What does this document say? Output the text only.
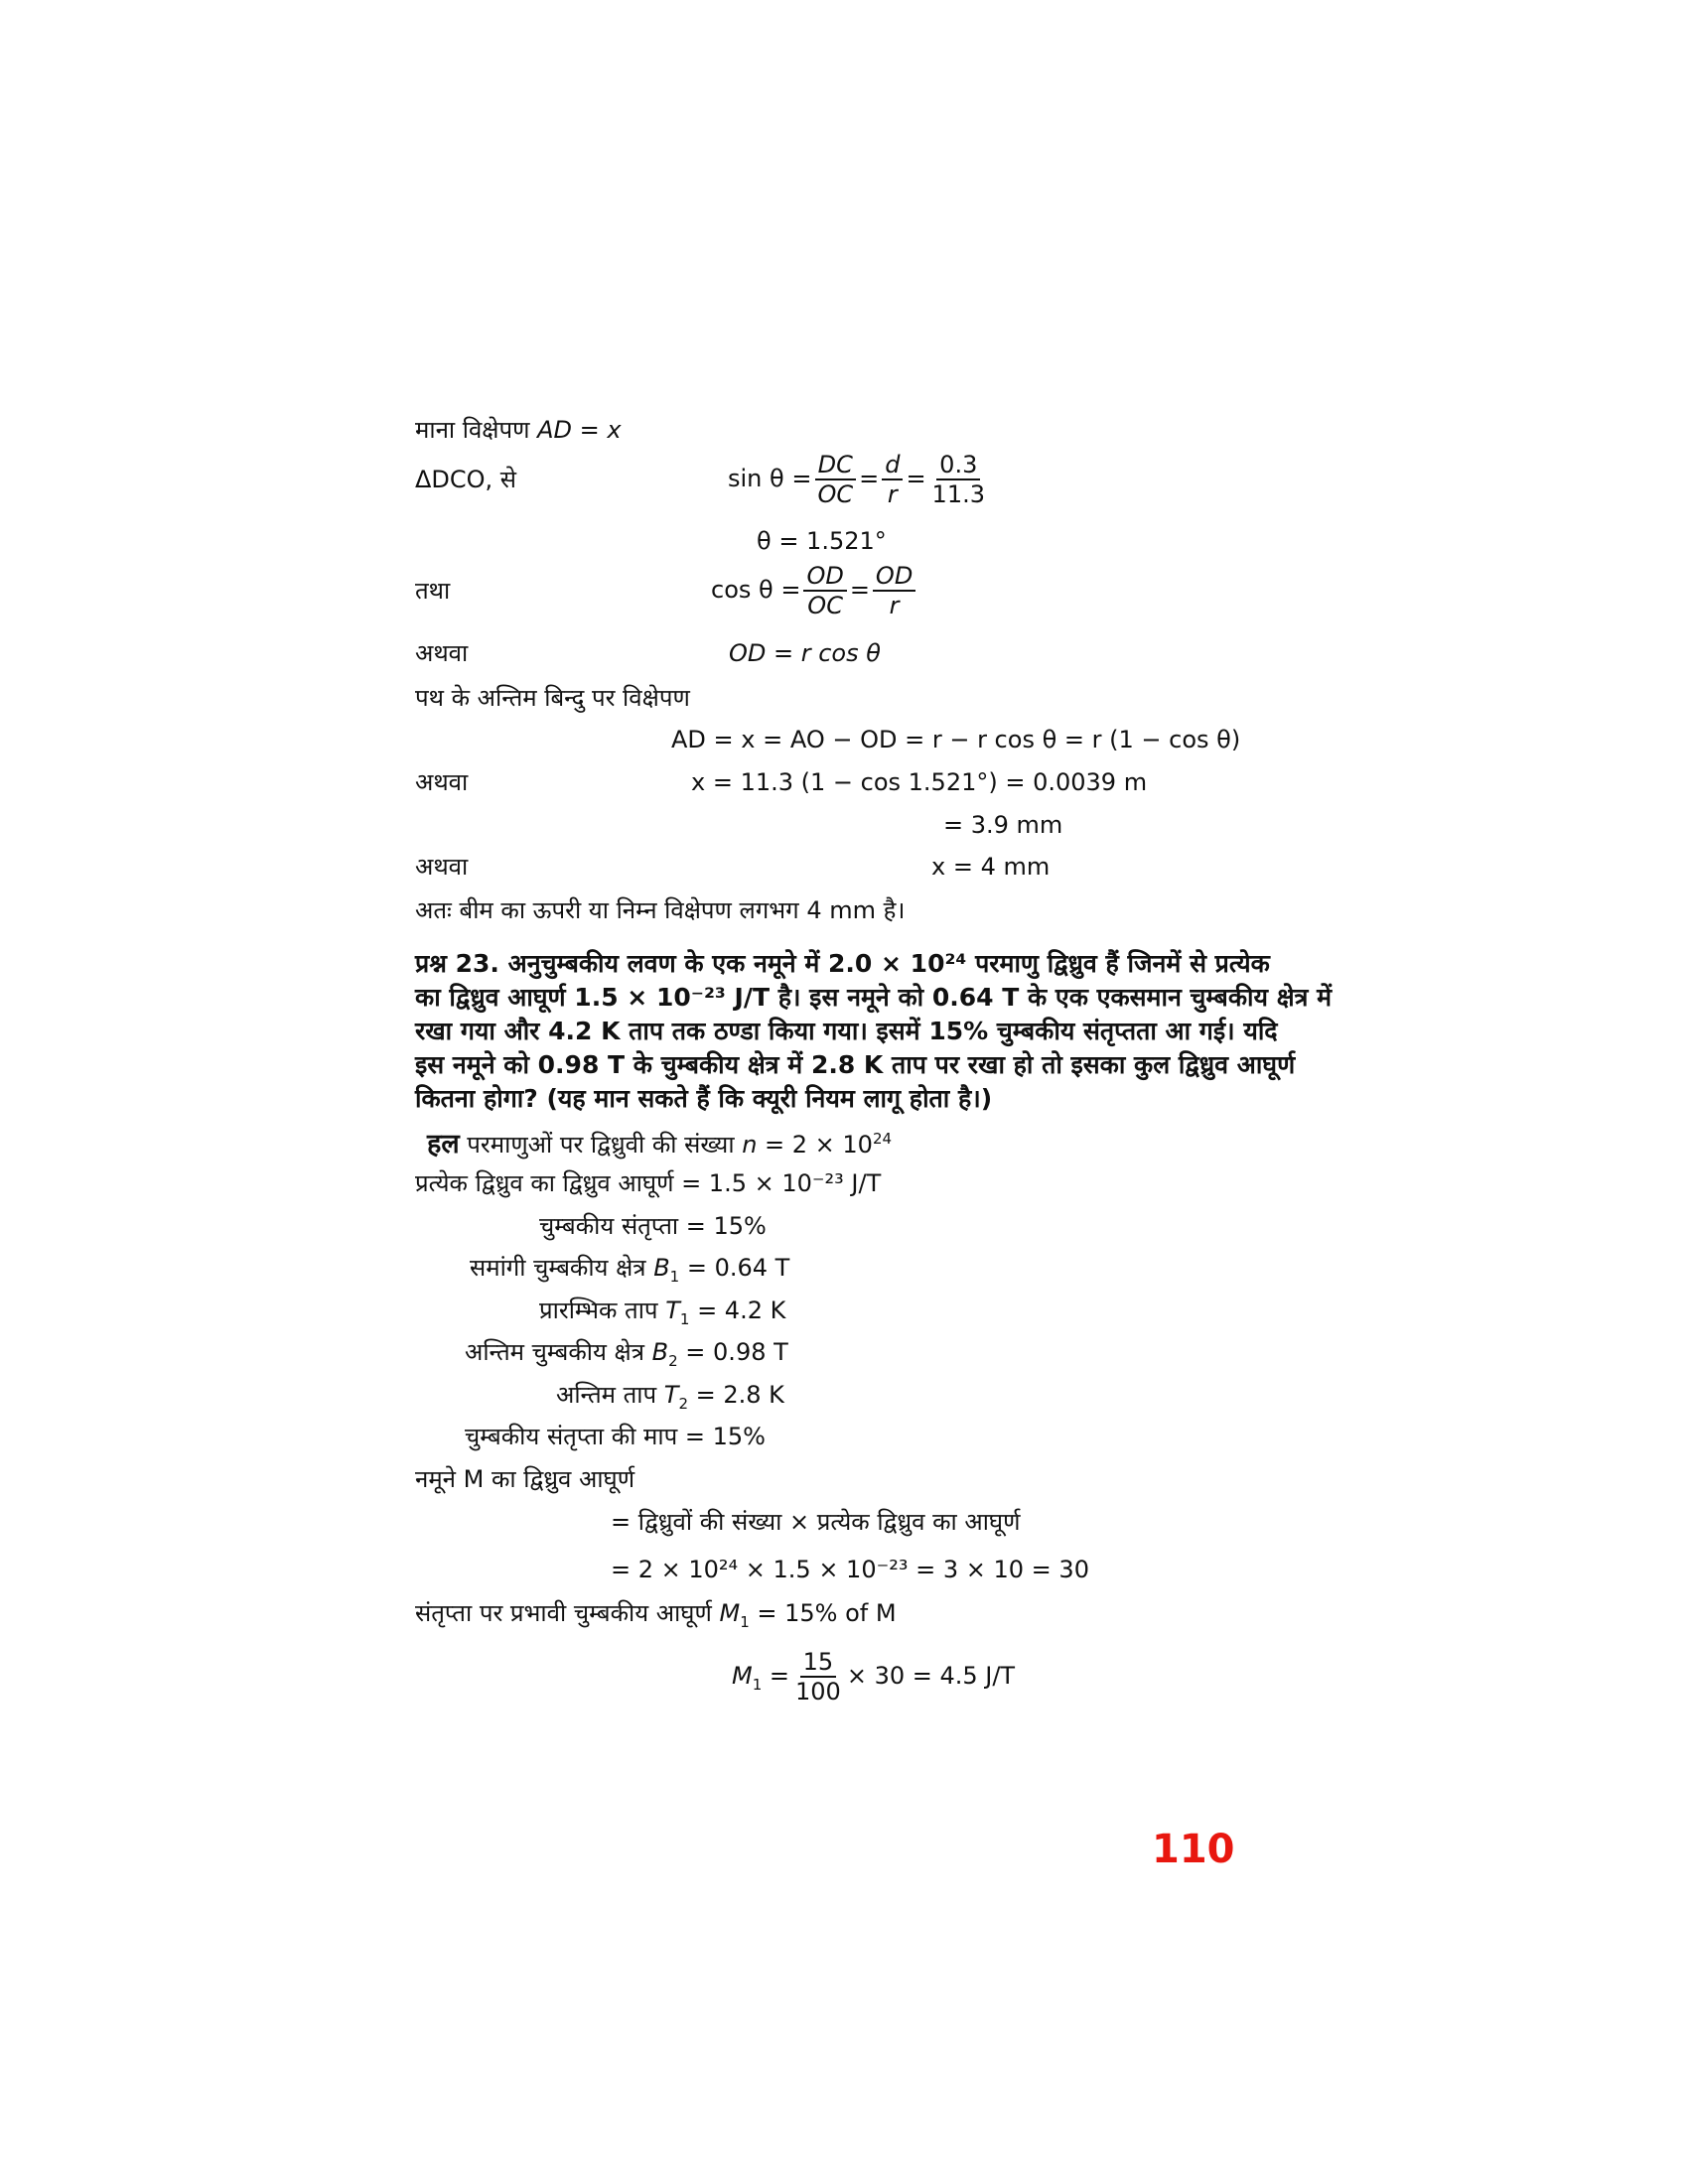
माना विक्षेपण AD = x
ΔDCO, से	$\sin \theta = \frac{DC}{OC} = \frac{d}{r} = \frac{0.3}{11.3}$
θ = 1.521°
तथा	$\cos \theta = \frac{OD}{OC} = \frac{OD}{r}$
अथवा	OD = r cos θ
पथ के अन्तिम बिन्दु पर विक्षेपण
AD = x = AO − OD = r − r cos θ = r (1 − cos θ)
अथवा	x = 11.3 (1 − cos 1.521°) = 0.0039 m
= 3.9 mm
अथवा	x = 4 mm
अतः बीम का ऊपरी या निम्न विक्षेपण लगभग 4 mm है।

प्रश्न 23. अनुचुम्बकीय लवण के एक नमूने में 2.0 × 10²⁴ परमाणु द्विध्रुव हैं जिनमें से प्रत्येक

का द्विध्रुव आघूर्ण 1.5 × 10⁻²³ J/T है। इस नमूने को 0.64 T के एक एकसमान चुम्बकीय क्षेत्र में

रखा गया और 4.2 K ताप तक ठण्डा किया गया। इसमें 15% चुम्बकीय संतृप्तता आ गई। यदि

इस नमूने को 0.98 T के चुम्बकीय क्षेत्र में 2.8 K ताप पर रखा हो तो इसका कुल द्विध्रुव आघूर्ण

कितना होगा? (यह मान सकते हैं कि क्यूरी नियम लागू होता है।)

हल परमाणुओं पर द्विध्रुवी की संख्या $n = 2 \times 10^{24}$
प्रत्येक द्विध्रुव का द्विध्रुव आघूर्ण = 1.5 × 10⁻²³ J/T
चुम्बकीय संतृप्ता = 15%
समांगी चुम्बकीय क्षेत्र $B_1 = 0.64$ T
प्रारम्भिक ताप $T_1 = 4.2$ K
अन्तिम चुम्बकीय क्षेत्र $B_2 = 0.98$ T
अन्तिम ताप $T_2 = 2.8$ K
चुम्बकीय संतृप्ता की माप = 15%
नमूने M का द्विध्रुव आघूर्ण
= द्विध्रुवों की संख्या × प्रत्येक द्विध्रुव का आघूर्ण
= 2 × 10²⁴ × 1.5 × 10⁻²³ = 3 × 10 = 30
संतृप्ता पर प्रभावी चुम्बकीय आघूर्ण $M_1 = 15\%$ of M
$M_1 = \frac{15}{100} \times 30 = 4.5$ J/T
110
